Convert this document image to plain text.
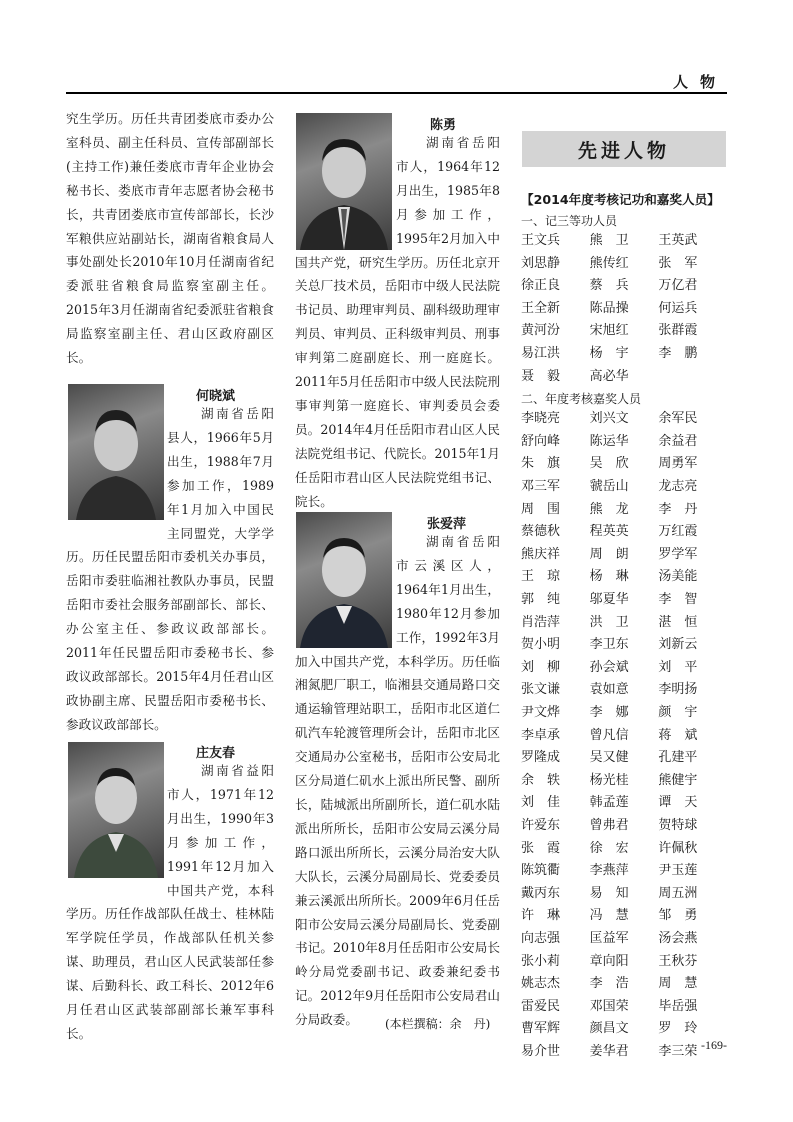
人物

究生学历。历任共青团娄底市委办公室科员、副主任科员、宣传部副部长(主持工作)兼任娄底市青年企业协会秘书长、娄底市青年志愿者协会秘书长，共青团娄底市宣传部部长，长沙军粮供应站副站长，湖南省粮食局人事处副处长2010年10月任湖南省纪委派驻省粮食局监察室副主任。2015年3月任湖南省纪委派驻省粮食局监察室副主任、君山区政府副区长。

何晓斌

湖南省岳阳县人，1966年5月出生，1988年7月参加工作，1989年1月加入中国民主同盟党，大学学历。历任民盟岳阳市委机关办事员，岳阳市委驻临湘社教队办事员，民盟岳阳市委社会服务部副部长、部长、办公室主任、参政议政部部长。2011年任民盟岳阳市委秘书长、参政议政部部长。2015年4月任君山区政协副主席、民盟岳阳市委秘书长、参政议政部部长。

庄友春

湖南省益阳市人，1971年12月出生，1990年3月参加工作，1991年12月加入中国共产党，本科学历。历任作战部队任战士、桂林陆军学院任学员，作战部队任机关参谋、助理员，君山区人民武装部任参谋、后勤科长、政工科长、2012年6月任君山区武装部副部长兼军事科长。

陈勇

湖南省岳阳市人，1964年12月出生，1985年8月参加工作，1995年2月加入中国共产党，研究生学历。历任北京开关总厂技术员，岳阳市中级人民法院书记员、助理审判员、副科级助理审判员、审判员、正科级审判员、刑事审判第二庭副庭长、刑一庭庭长。2011年5月任岳阳市中级人民法院刑事审判第一庭庭长、审判委员会委员。2014年4月任岳阳市君山区人民法院党组书记、代院长。2015年1月任岳阳市君山区人民法院党组书记、院长。

张爱萍

湖南省岳阳市云溪区人，1964年1月出生，1980年12月参加工作，1992年3月加入中国共产党，本科学历。历任临湘氮肥厂职工，临湘县交通局路口交通运输管理站职工，岳阳市北区道仁矶汽车轮渡管理所会计，岳阳市北区交通局办公室秘书，岳阳市公安局北区分局道仁矶水上派出所民警、副所长，陆城派出所副所长，道仁矶水陆派出所所长，岳阳市公安局云溪分局路口派出所所长，云溪分局治安大队大队长，云溪分局副局长、党委委员兼云溪派出所所长。2009年6月任岳阳市公安局云溪分局副局长、党委副书记。2010年8月任岳阳市公安局长岭分局党委副书记、政委兼纪委书记。2012年9月任岳阳市公安局君山分局政委。	(本栏撰稿：余　丹)
先进人物
【2014年度考核记功和嘉奖人员】
一、记三等功人员
王文兵	熊　卫	王英武
刘思静	熊传红	张　军
徐正良	蔡　兵	万亿君
王全新	陈品操	何运兵
黄河汾	宋旭红	张群霞
易江洪	杨　宇	李　鹏
聂　毅	高必华
二、年度考核嘉奖人员
李晓亮	刘兴文	余军民
舒向峰	陈运华	余益君
朱　旗	吴　欣	周勇军
邓三军	虢岳山	龙志亮
周　围	熊　龙	李　丹
蔡德秋	程英英	万红霞
熊庆祥	周　朗	罗学军
王　琼	杨　琳	汤美能
郭　纯	邬夏华	李　智
肖浩萍	洪　卫	湛　恒
贺小明	李卫东	刘新云
刘　柳	孙会斌	刘　平
张文谦	袁如意	李明扬
尹文烨	李　娜	颜　宇
李卓承	曾凡信	蒋　斌
罗隆成	吴又健	孔建平
余　轶	杨光桂	熊健宇
刘　佳	韩孟莲	谭　天
许爱东	曾弗君	贺特球
张　霞	徐　宏	许佩秋
陈筑衢	李燕萍	尹玉莲
戴丙东	易　知	周五洲
许　琳	冯　慧	邹　勇
向志强	匡益军	汤会燕
张小莉	章向阳	王秋芬
姚志杰	李　浩	周　慧
雷爱民	邓国荣	毕岳强
曹军辉	颜昌文	罗　玲
易介世	姜华君	李三荣 -169-
